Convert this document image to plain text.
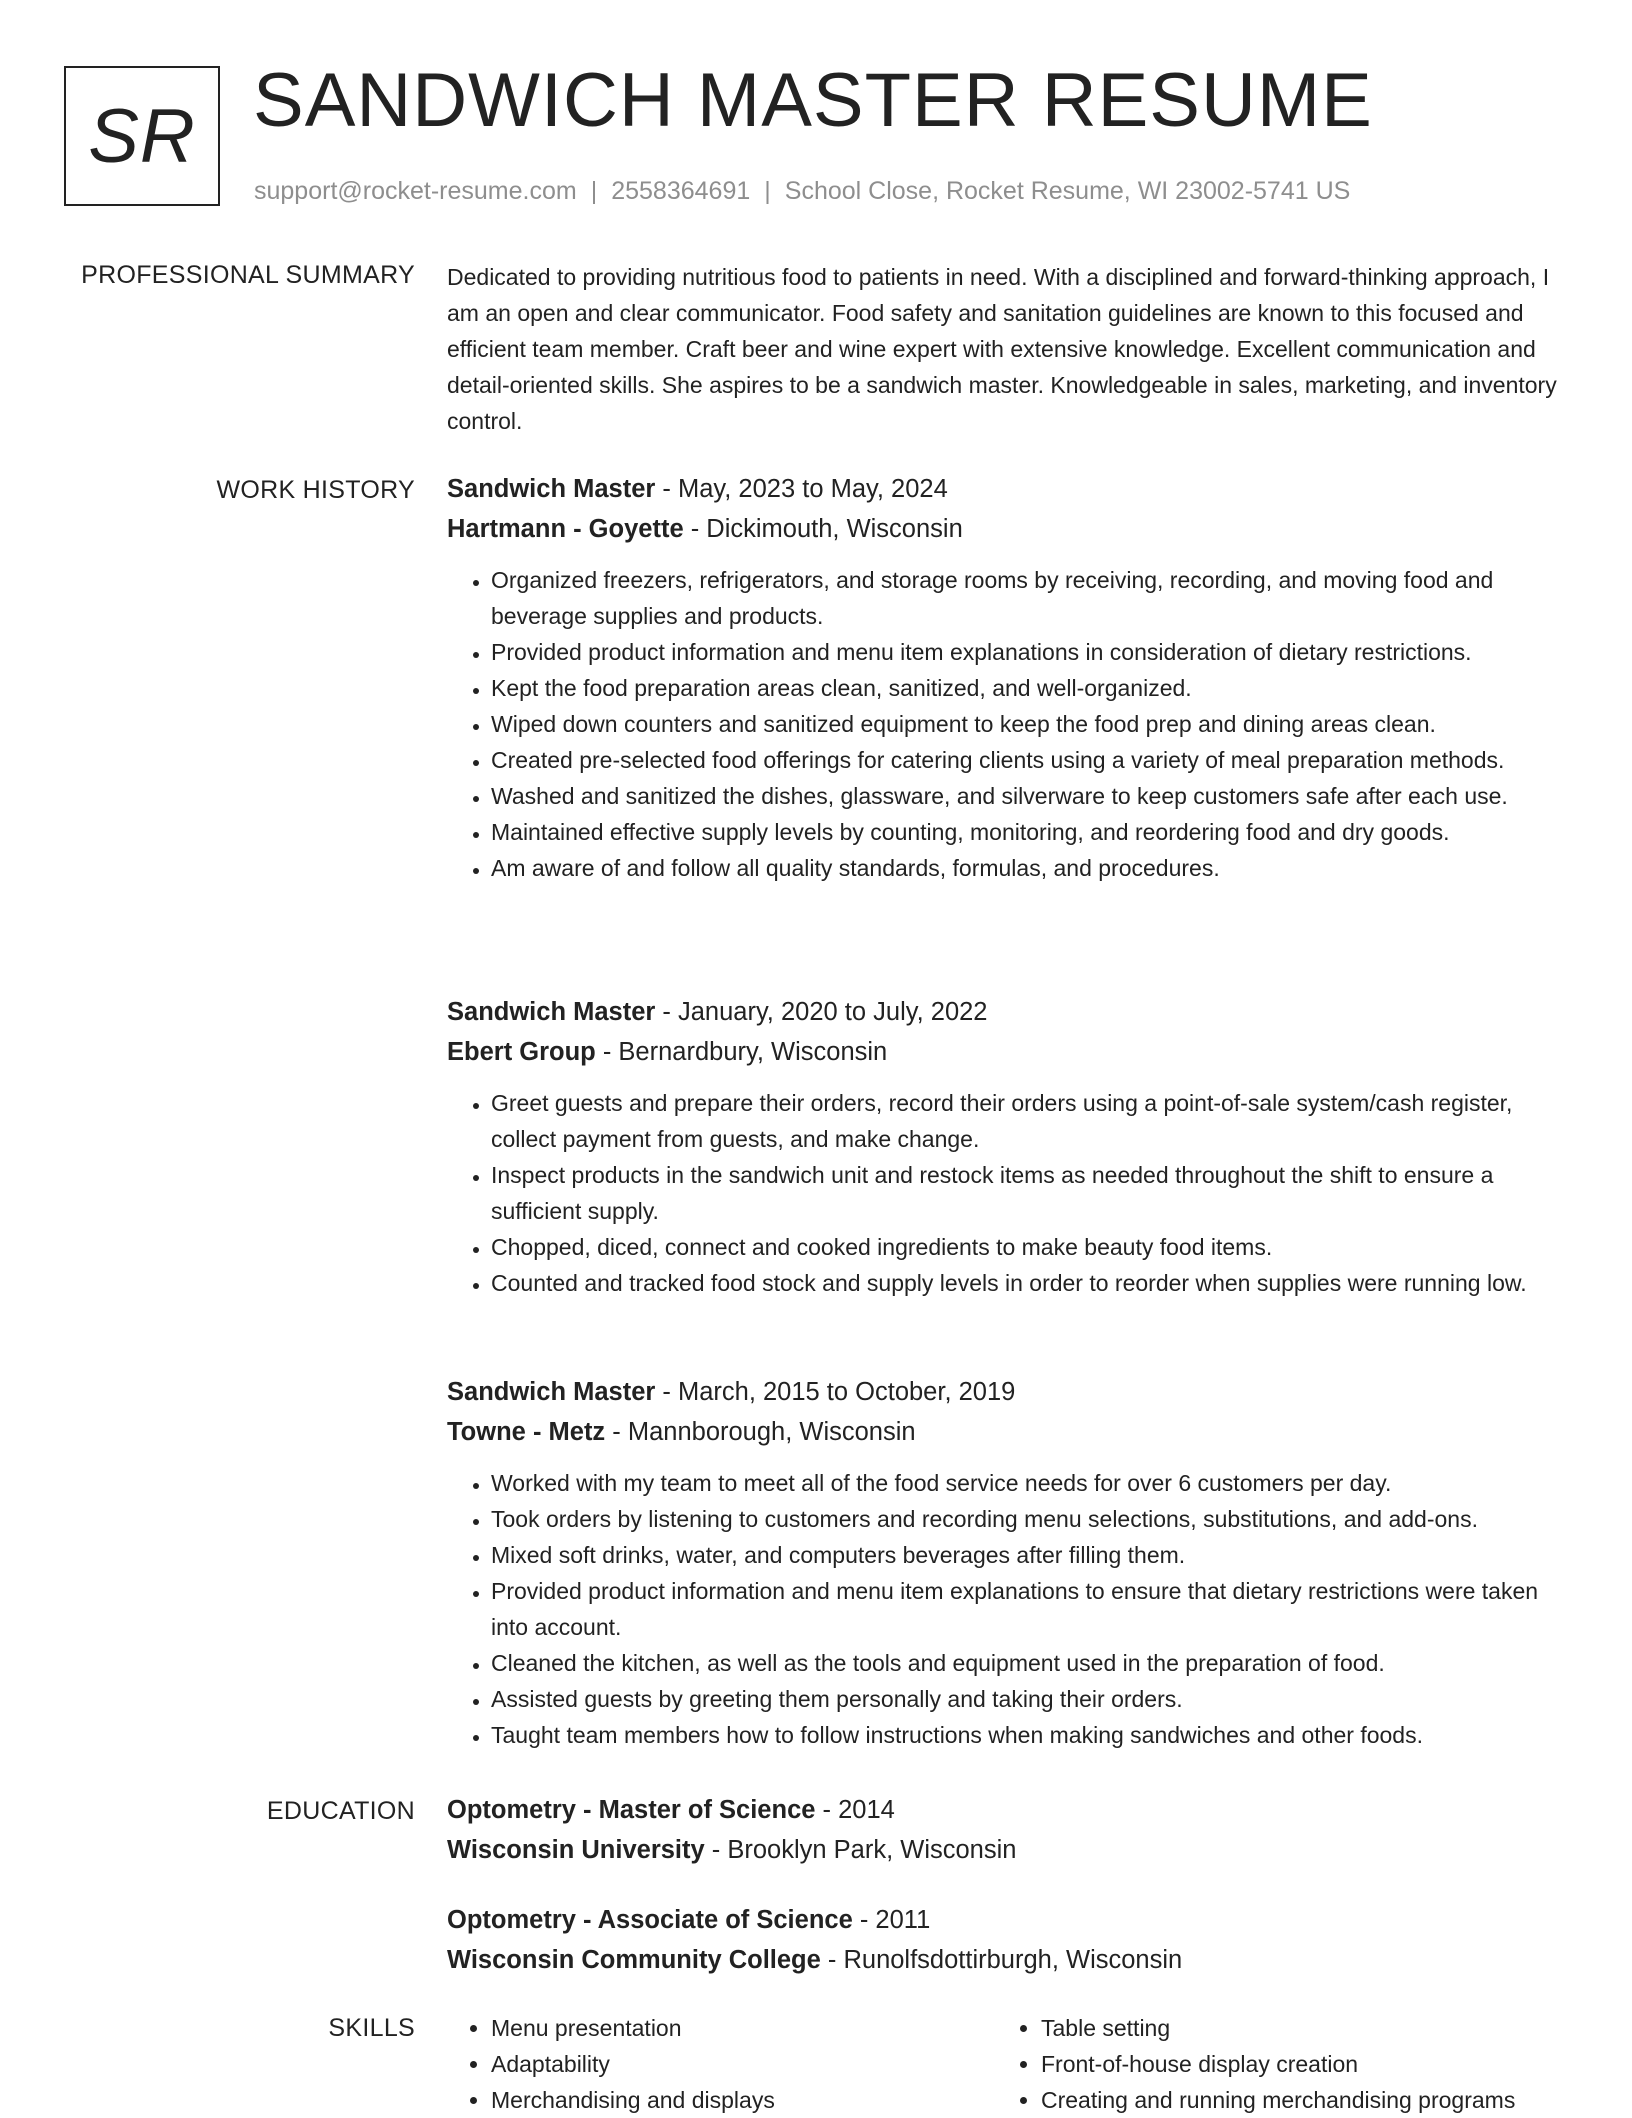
SR SANDWICH MASTER RESUME
support@rocket-resume.com | 2558364691 | School Close, Rocket Resume, WI 23002-5741 US
PROFESSIONAL SUMMARY Dedicated to providing nutritious food to patients in need. With a disciplined and forward-thinking approach, I am an open and clear communicator. Food safety and sanitation guidelines are known to this focused and efficient team member. Craft beer and wine expert with extensive knowledge. Excellent communication and detail-oriented skills. She aspires to be a sandwich master. Knowledgeable in sales, marketing, and inventory control.

WORK HISTORY Sandwich Master - May, 2023 to May, 2024
Hartmann - Goyette - Dickimouth, Wisconsin
• Organized freezers, refrigerators, and storage rooms by receiving, recording, and moving food and beverage supplies and products.
• Provided product information and menu item explanations in consideration of dietary restrictions.
• Kept the food preparation areas clean, sanitized, and well-organized.
• Wiped down counters and sanitized equipment to keep the food prep and dining areas clean.
• Created pre-selected food offerings for catering clients using a variety of meal preparation methods.
• Washed and sanitized the dishes, glassware, and silverware to keep customers safe after each use.
• Maintained effective supply levels by counting, monitoring, and reordering food and dry goods.
• Am aware of and follow all quality standards, formulas, and procedures.
Sandwich Master - January, 2020 to July, 2022
Ebert Group - Bernardbury, Wisconsin
• Greet guests and prepare their orders, record their orders using a point-of-sale system/cash register, collect payment from guests, and make change.
• Inspect products in the sandwich unit and restock items as needed throughout the shift to ensure a sufficient supply.
• Chopped, diced, connect and cooked ingredients to make beauty food items.
• Counted and tracked food stock and supply levels in order to reorder when supplies were running low.
Sandwich Master - March, 2015 to October, 2019
Towne - Metz - Mannborough, Wisconsin
• Worked with my team to meet all of the food service needs for over 6 customers per day.
• Took orders by listening to customers and recording menu selections, substitutions, and add-ons.
• Mixed soft drinks, water, and computers beverages after filling them.
• Provided product information and menu item explanations to ensure that dietary restrictions were taken into account.
• Cleaned the kitchen, as well as the tools and equipment used in the preparation of food.
• Assisted guests by greeting them personally and taking their orders.
• Taught team members how to follow instructions when making sandwiches and other foods.
EDUCATION Optometry - Master of Science - 2014
Wisconsin University - Brooklyn Park, Wisconsin
Optometry - Associate of Science - 2011
Wisconsin Community College - Runolfsdottirburgh, Wisconsin
SKILLS
•	Menu presentation
• Adaptability
• Merchandising and displays
• Table setting
• Front-of-house display creation
• Creating and running merchandising programs
